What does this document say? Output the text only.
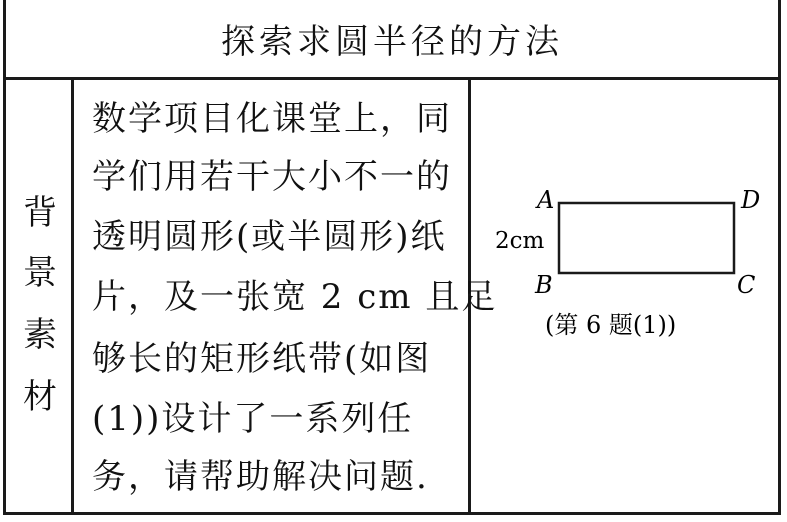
探索求圆半径的方法
背
景
素
材
数学项目化课堂上，同
学们用若干大小不一的
透明圆形(或半圆形)纸
片，及一张宽 2 cm 且足
够长的矩形纸带(如图
(1))设计了一系列任
务，请帮助解决问题.
A	D
B	C
2cm
(第 6 题(1))
